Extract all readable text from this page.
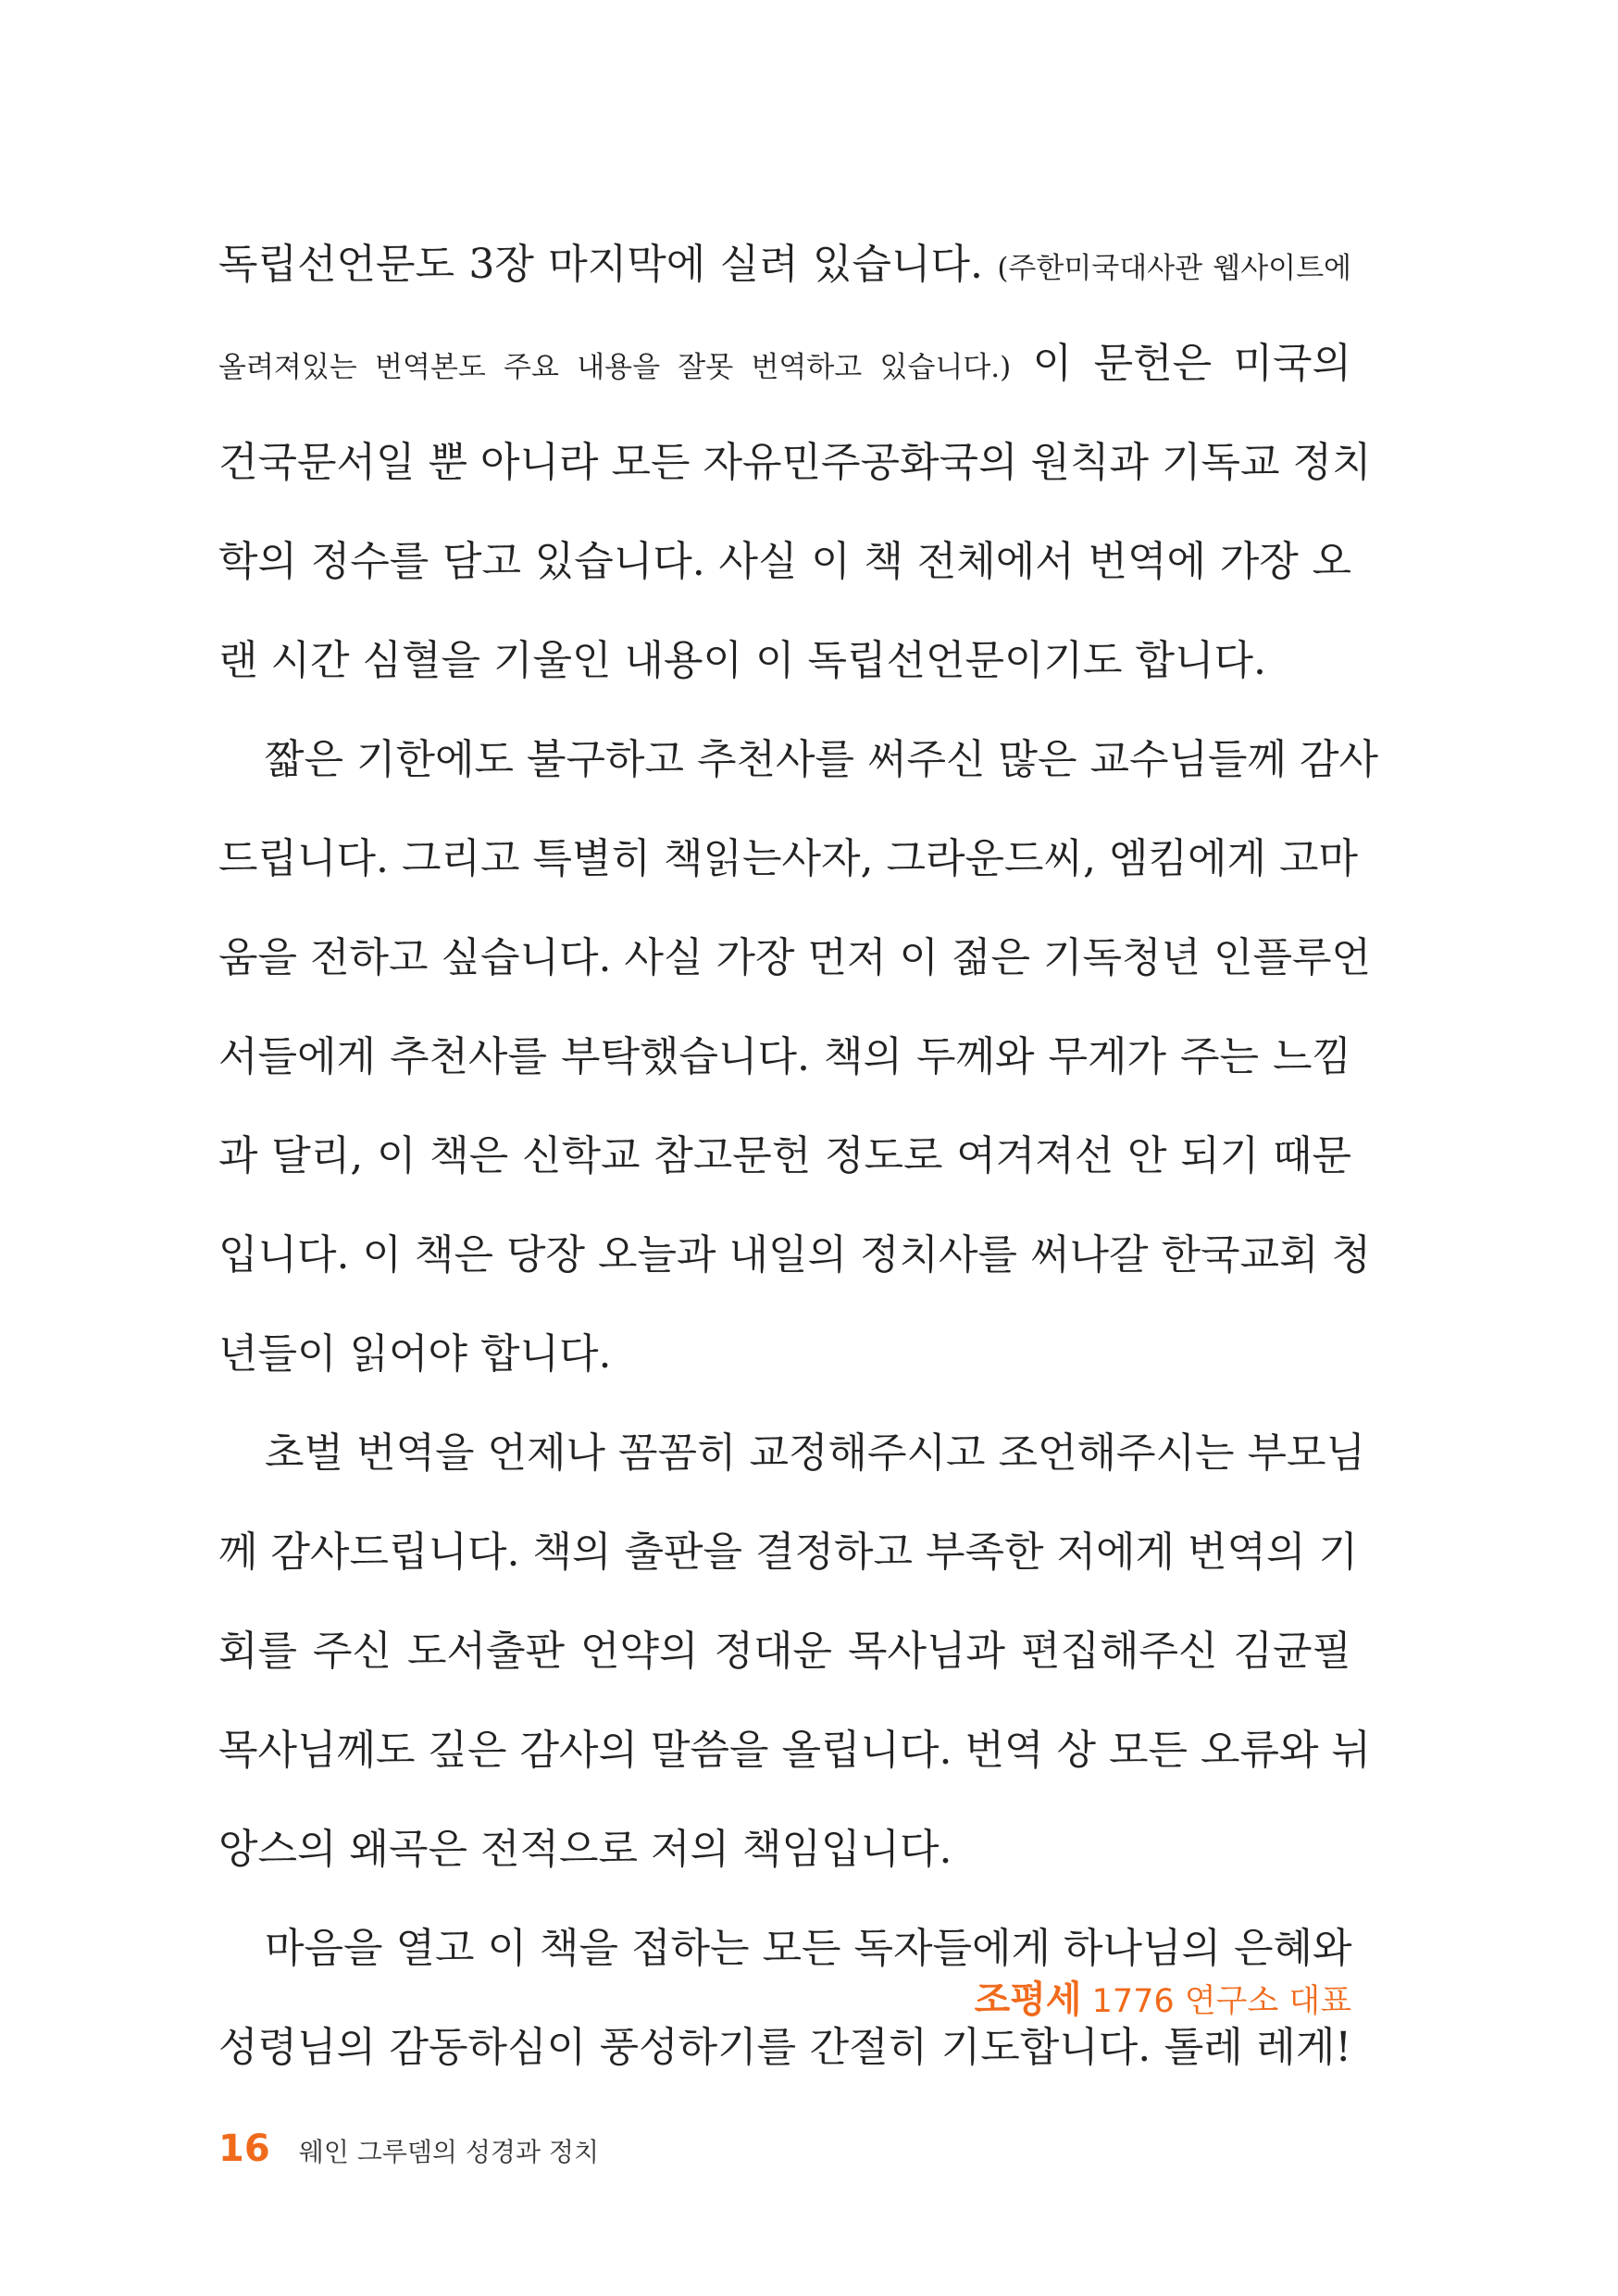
독립선언문도 3장 마지막에 실려 있습니다. (주한미국대사관 웹사이트에
올려져있는 번역본도 주요 내용을 잘못 번역하고 있습니다.) 이 문헌은 미국의
건국문서일 뿐 아니라 모든 자유민주공화국의 원칙과 기독교 정치
학의 정수를 담고 있습니다. 사실 이 책 전체에서 번역에 가장 오
랜 시간 심혈을 기울인 내용이 이 독립선언문이기도 합니다.
짧은 기한에도 불구하고 추천사를 써주신 많은 교수님들께 감사
드립니다. 그리고 특별히 책읽는사자, 그라운드씨, 엠킴에게 고마
움을 전하고 싶습니다. 사실 가장 먼저 이 젊은 기독청년 인플루언
서들에게 추천사를 부탁했습니다. 책의 두께와 무게가 주는 느낌
과 달리, 이 책은 신학교 참고문헌 정도로 여겨져선 안 되기 때문
입니다. 이 책은 당장 오늘과 내일의 정치사를 써나갈 한국교회 청
년들이 읽어야 합니다.
초벌 번역을 언제나 꼼꼼히 교정해주시고 조언해주시는 부모님
께 감사드립니다. 책의 출판을 결정하고 부족한 저에게 번역의 기
회를 주신 도서출판 언약의 정대운 목사님과 편집해주신 김균필
목사님께도 깊은 감사의 말씀을 올립니다. 번역 상 모든 오류와 뉘
앙스의 왜곡은 전적으로 저의 책임입니다.
마음을 열고 이 책을 접하는 모든 독자들에게 하나님의 은혜와
성령님의 감동하심이 풍성하기를 간절히 기도합니다. 톨레 레게!
조평세 1776 연구소 대표
16 웨인 그루뎀의 성경과 정치
